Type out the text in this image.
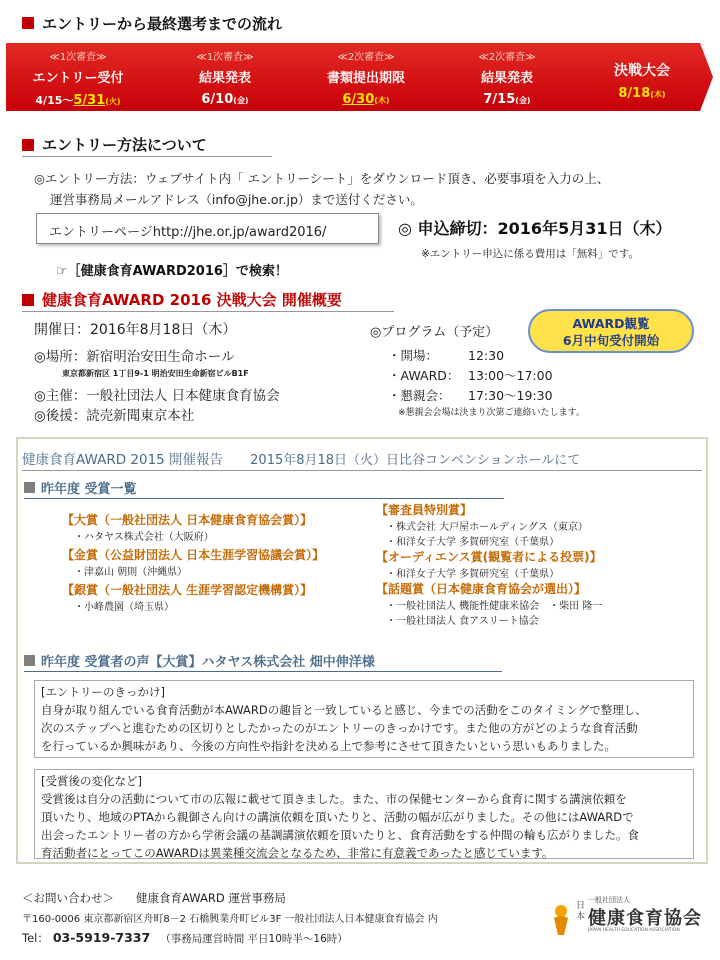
エントリーから最終選考までの流れ
≪1次審査≫
エントリー受付
4/15～5/31(火)
≪1次審査≫
結果発表
6/10(金)
≪2次審査≫
書類提出期限
6/30(木)
≪2次審査≫
結果発表
7/15(金)
決戦大会
8/18(木)
エントリー方法について
◎エントリー方法：ウェブサイト内「 エントリーシート」をダウンロード頂き、必要事項を入力の上、
運営事務局メールアドレス（info@jhe.or.jp）まで送付ください。
エントリーページhttp://jhe.or.jp/award2016/	◎ 申込締切：2016年5月31日（木）
※エントリー申込に係る費用は「無料」です。
☞［健康食育AWARD2016］で検索！
健康食育AWARD 2016 決戦大会 開催概要
開催日：2016年8月18日（木）
◎場所：新宿明治安田生命ホール
東京都新宿区 1丁目9-1 明治安田生命新宿ビルB1F
◎主催：一般社団法人 日本健康食育協会
◎後援：読売新聞東京本社
◎プログラム（予定）
・開場： 12:30
・AWARD： 13:00～17:00
・懇親会： 17:30～19:30
※懇親会会場は決まり次第ご連絡いたします。
AWARD観覧
6月中旬受付開始
健康食育AWARD 2015 開催報告 2015年8月18日（火）日比谷コンベンションホールにて
昨年度 受賞一覧
【大賞（一般社団法人 日本健康食育協会賞）】
・ハタヤス株式会社（大阪府）
【金賞（公益財団法人 日本生涯学習協議会賞）】
・津嘉山 朝則（沖縄県）
【銀賞（一般社団法人 生涯学習認定機構賞）】
・小峰農園（埼玉県）
【審査員特別賞】
・株式会社 大戸屋ホールディングス（東京）
・和洋女子大学 多賀研究室（千葉県）
【オーディエンス賞(観覧者による投票)】
・和洋女子大学 多賀研究室（千葉県）
【話題賞（日本健康食育協会が選出）】
・一般社団法人 機能性健康米協会　・柴田 隆一
・一般社団法人 食アスリート協会
昨年度 受賞者の声【大賞】ハタヤス株式会社 畑中伸洋様
[エントリーのきっかけ]
自身が取り組んでいる食育活動が本AWARDの趣旨と一致していると感じ、今までの活動をこのタイミングで整理し、
次のステップへと進むための区切りとしたかったのがエントリーのきっかけです。また他の方がどのような食育活動
を行っているか興味があり、今後の方向性や指針を決める上で参考にさせて頂きたいという思いもありました。
[受賞後の変化など]
受賞後は自分の活動について市の広報に載せて頂きました。また、市の保健センターから食育に関する講演依頼を
頂いたり、地域のPTAから親御さん向けの講演依頼を頂いたりと、活動の幅が広がりました。その他にはAWARDで
出会ったエントリー者の方から学術会議の基調講演依頼を頂いたりと、食育活動をする仲間の輪も広がりました。食
育活動者にとってこのAWARDは異業種交流会となるため、非常に有意義であったと感じています。
＜お問い合わせ＞ 健康食育AWARD 運営事務局
〒160-0006 東京都新宿区舟町8－2 石橋興業舟町ビル3F 一般社団法人日本健康食育協会 内
Tel： 03-5919-7337 （事務局運営時間 平日10時半～16時）
日本
一般社団法人
健康食育協会
JAPAN HEALTH EDUCATION ASSOCIATION
